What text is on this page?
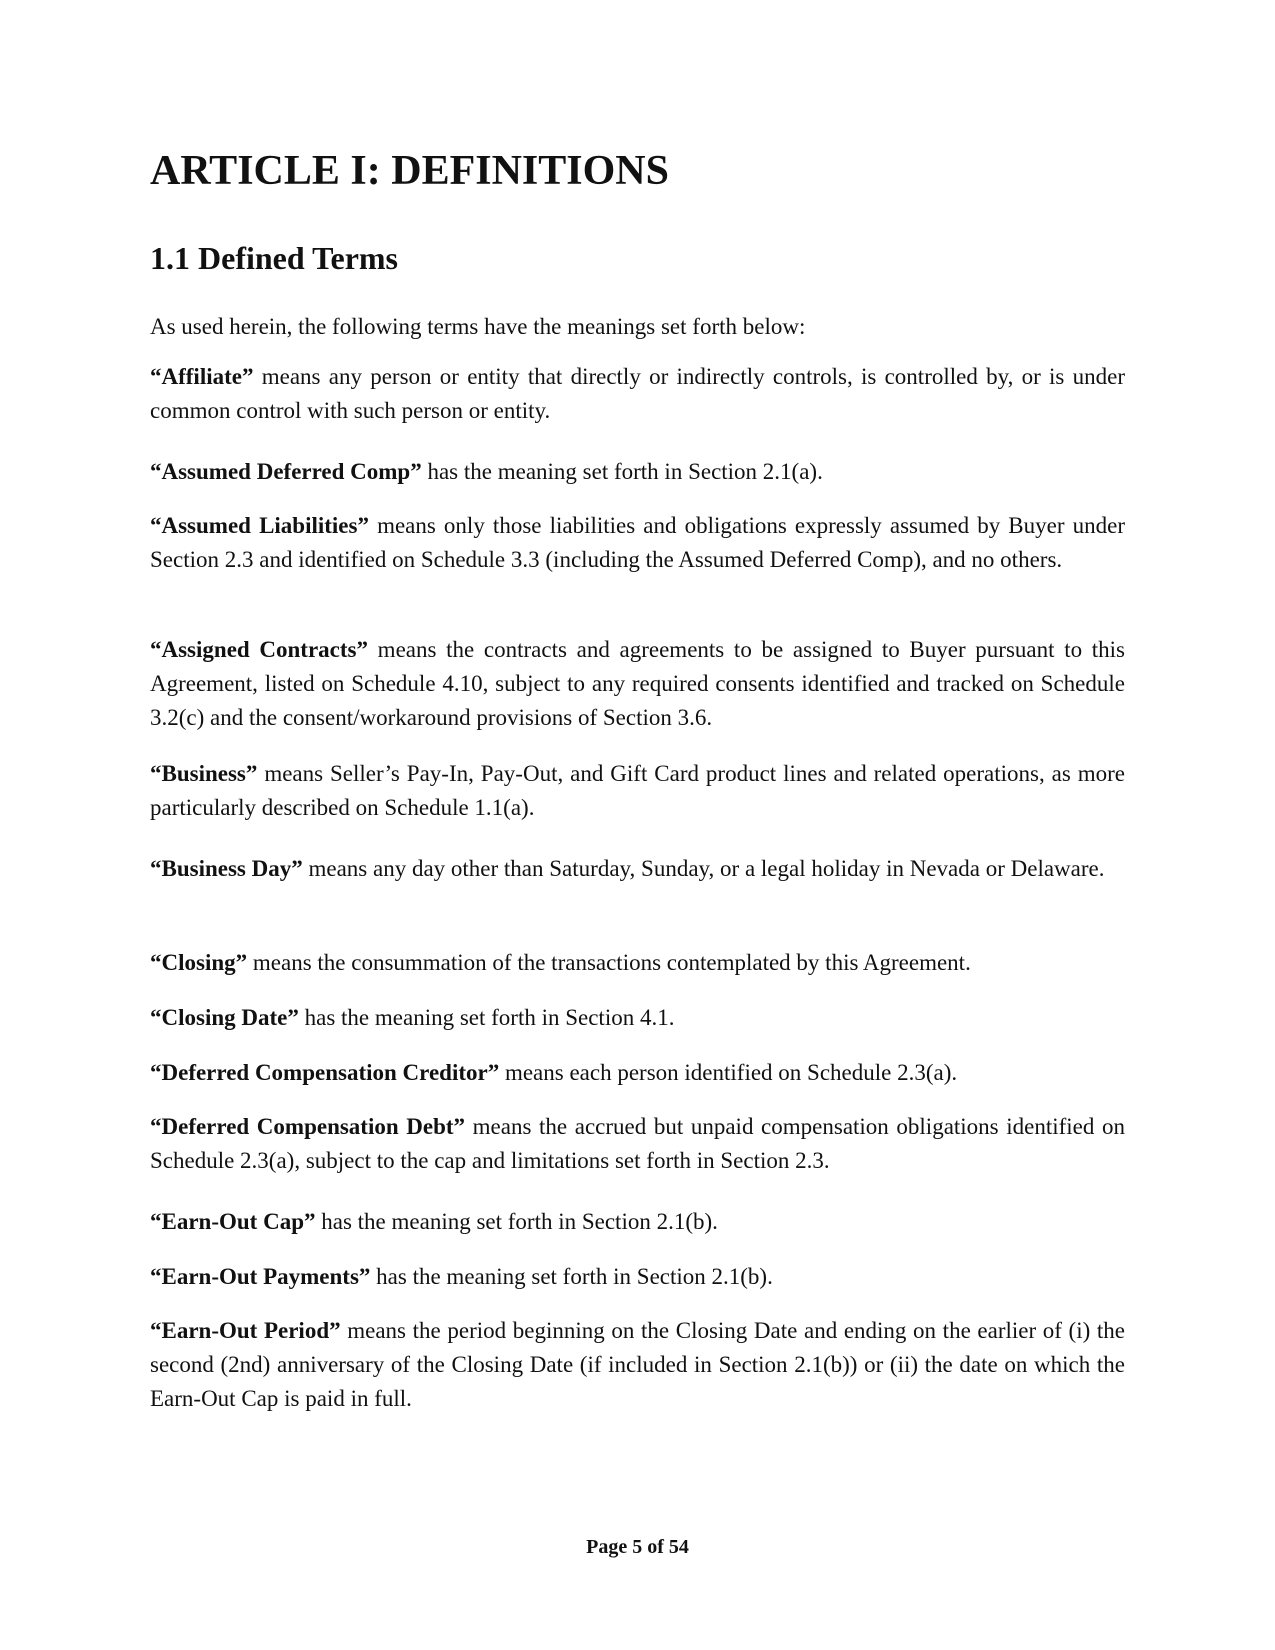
ARTICLE I: DEFINITIONS
1.1 Defined Terms

As used herein, the following terms have the meanings set forth below:

“Affiliate” means any person or entity that directly or indirectly controls, is controlled by, or is under common control with such person or entity.

“Assumed Deferred Comp” has the meaning set forth in Section 2.1(a).

“Assumed Liabilities” means only those liabilities and obligations expressly assumed by Buyer under Section 2.3 and identified on Schedule 3.3 (including the Assumed Deferred Comp), and no others.

“Assigned Contracts” means the contracts and agreements to be assigned to Buyer pursuant to this Agreement, listed on Schedule 4.10, subject to any required consents identified and tracked on Schedule 3.2(c) and the consent/workaround provisions of Section 3.6.

“Business” means Seller’s Pay-In, Pay-Out, and Gift Card product lines and related operations, as more particularly described on Schedule 1.1(a).

“Business Day” means any day other than Saturday, Sunday, or a legal holiday in Nevada or Delaware.

“Closing” means the consummation of the transactions contemplated by this Agreement.

“Closing Date” has the meaning set forth in Section 4.1.

“Deferred Compensation Creditor” means each person identified on Schedule 2.3(a).

“Deferred Compensation Debt” means the accrued but unpaid compensation obligations identified on Schedule 2.3(a), subject to the cap and limitations set forth in Section 2.3.

“Earn-Out Cap” has the meaning set forth in Section 2.1(b).

“Earn-Out Payments” has the meaning set forth in Section 2.1(b).

“Earn-Out Period” means the period beginning on the Closing Date and ending on the earlier of (i) the second (2nd) anniversary of the Closing Date (if included in Section 2.1(b)) or (ii) the date on which the Earn-Out Cap is paid in full.

Page 5 of 54
